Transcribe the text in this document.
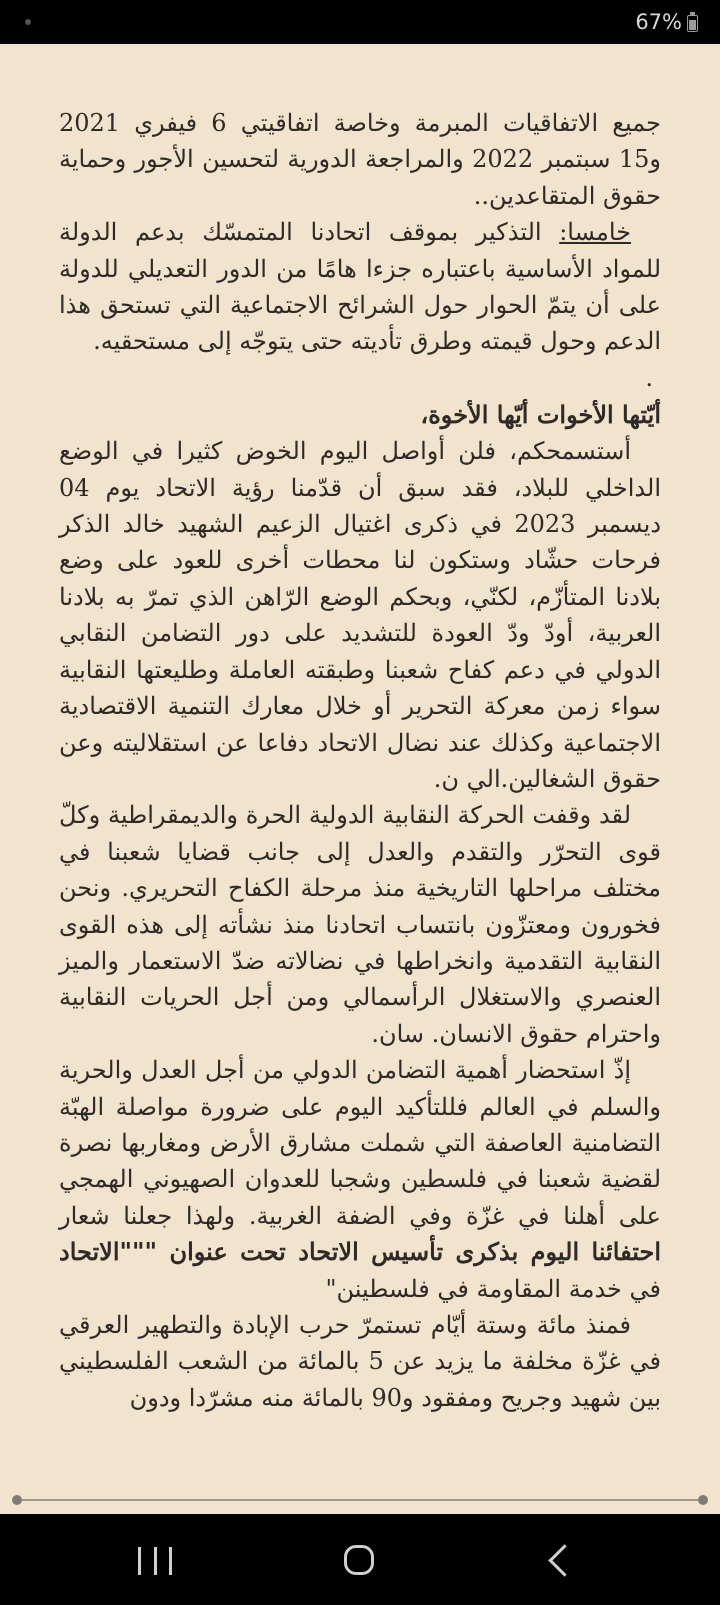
67%

جميع الاتفاقيات المبرمة وخاصة اتفاقيتي 6 فيفري 2021 و15 سبتمبر 2022 والمراجعة الدورية لتحسين الأجور وحماية حقوق المتقاعدين..

خامسا: التذكير بموقف اتحادنا المتمسّك بدعم الدولة للمواد الأساسية باعتباره جزءا هامًا من الدور التعديلي للدولة على أن يتمّ الحوار حول الشرائح الاجتماعية التي تستحق هذا الدعم وحول قيمته وطرق تأديته حتى يتوجّه إلى مستحقيه.

.

أيّتها الأخوات أيّها الأخوة،

أستسمحكم، فلن أواصل اليوم الخوض كثيرا في الوضع الداخلي للبلاد، فقد سبق أن قدّمنا رؤية الاتحاد يوم 04 ديسمبر 2023 في ذكرى اغتيال الزعيم الشهيد خالد الذكر فرحات حشّاد وستكون لنا محطات أخرى للعود على وضع بلادنا المتأزّم، لكنّي، وبحكم الوضع الرّاهن الذي تمرّ به بلادنا العربية، أودّ ودّ العودة للتشديد على دور التضامن النقابي الدولي في دعم كفاح شعبنا وطبقته العاملة وطليعتها النقابية سواء زمن معركة التحرير أو خلال معارك التنمية الاقتصادية الاجتماعية وكذلك عند نضال الاتحاد دفاعا عن استقلاليته وعن حقوق الشغالين.الي ن.

لقد وقفت الحركة النقابية الدولية الحرة والديمقراطية وكلّ قوى التحرّر والتقدم والعدل إلى جانب قضايا شعبنا في مختلف مراحلها التاريخية منذ مرحلة الكفاح التحريري. ونحن فخورون ومعتزّون بانتساب اتحادنا منذ نشأته إلى هذه القوى النقابية التقدمية وانخراطها في نضالاته ضدّ الاستعمار والميز العنصري والاستغلال الرأسمالي ومن أجل الحريات النقابية واحترام حقوق الانسان. سان.

إذّ استحضار أهمية التضامن الدولي من أجل العدل والحرية والسلم في العالم فللتأكيد اليوم على ضرورة مواصلة الهبّة التضامنية العاصفة التي شملت مشارق الأرض ومغاربها نصرة لقضية شعبنا في فلسطين وشجبا للعدوان الصهيوني الهمجي على أهلنا في غزّة وفي الضفة الغربية. ولهذا جعلنا شعار احتفائنا اليوم بذكرى تأسيس الاتحاد تحت عنوان """الاتحاد في خدمة المقاومة في فلسطينن"

فمنذ مائة وستة أيّام تستمرّ حرب الإبادة والتطهير العرقي في غزّة مخلفة ما يزيد عن 5 بالمائة من الشعب الفلسطيني بين شهيد وجريح ومفقود و90 بالمائة منه مشرّدا ودون
